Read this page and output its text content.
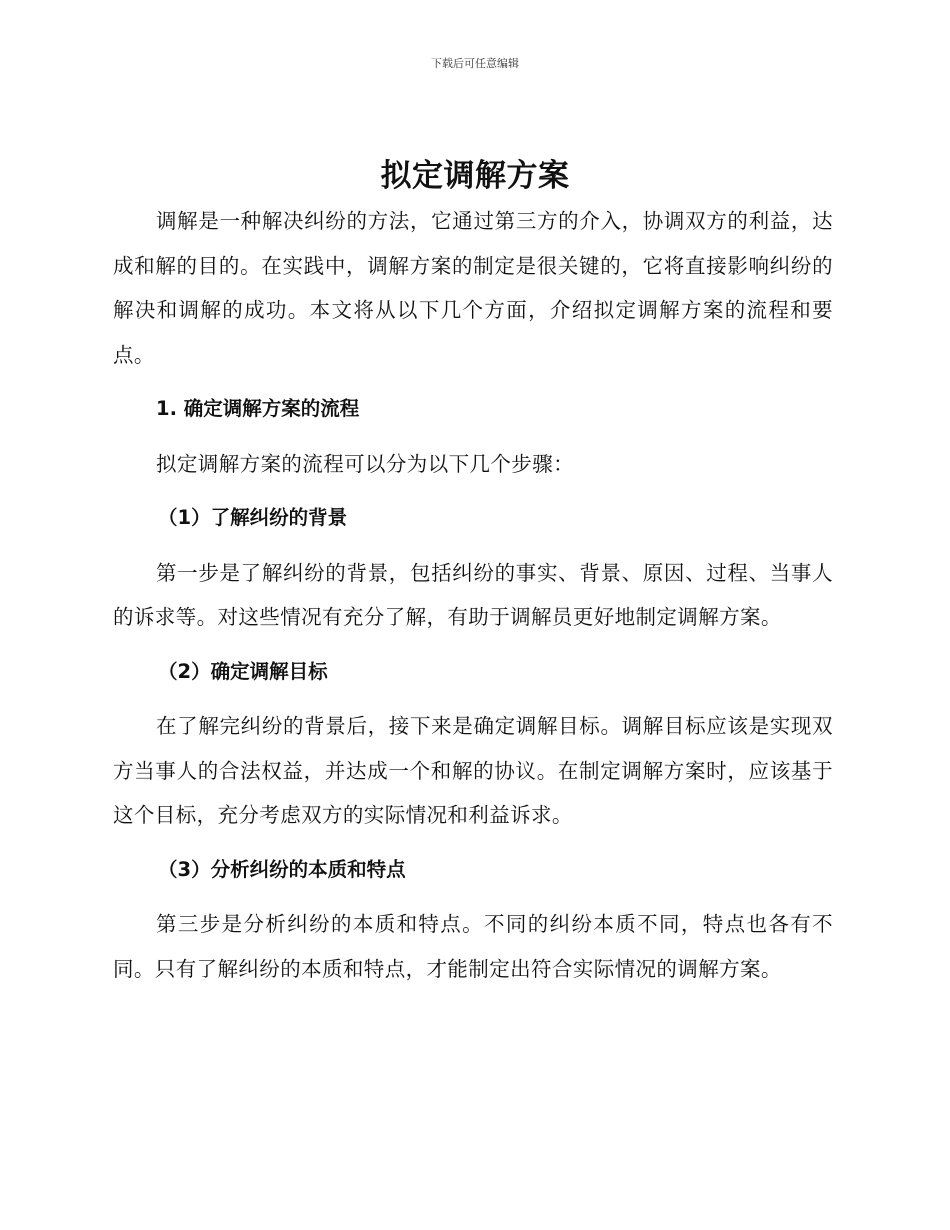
下载后可任意编辑
拟定调解方案

调解是一种解决纠纷的方法，它通过第三方的介入，协调双方的利益，达成和解的目的。在实践中，调解方案的制定是很关键的，它将直接影响纠纷的解决和调解的成功。本文将从以下几个方面，介绍拟定调解方案的流程和要点。

1. 确定调解方案的流程

拟定调解方案的流程可以分为以下几个步骤：

（1）了解纠纷的背景

第一步是了解纠纷的背景，包括纠纷的事实、背景、原因、过程、当事人的诉求等。对这些情况有充分了解，有助于调解员更好地制定调解方案。

（2）确定调解目标

在了解完纠纷的背景后，接下来是确定调解目标。调解目标应该是实现双方当事人的合法权益，并达成一个和解的协议。在制定调解方案时，应该基于这个目标，充分考虑双方的实际情况和利益诉求。

（3）分析纠纷的本质和特点

第三步是分析纠纷的本质和特点。不同的纠纷本质不同，特点也各有不同。只有了解纠纷的本质和特点，才能制定出符合实际情况的调解方案。
